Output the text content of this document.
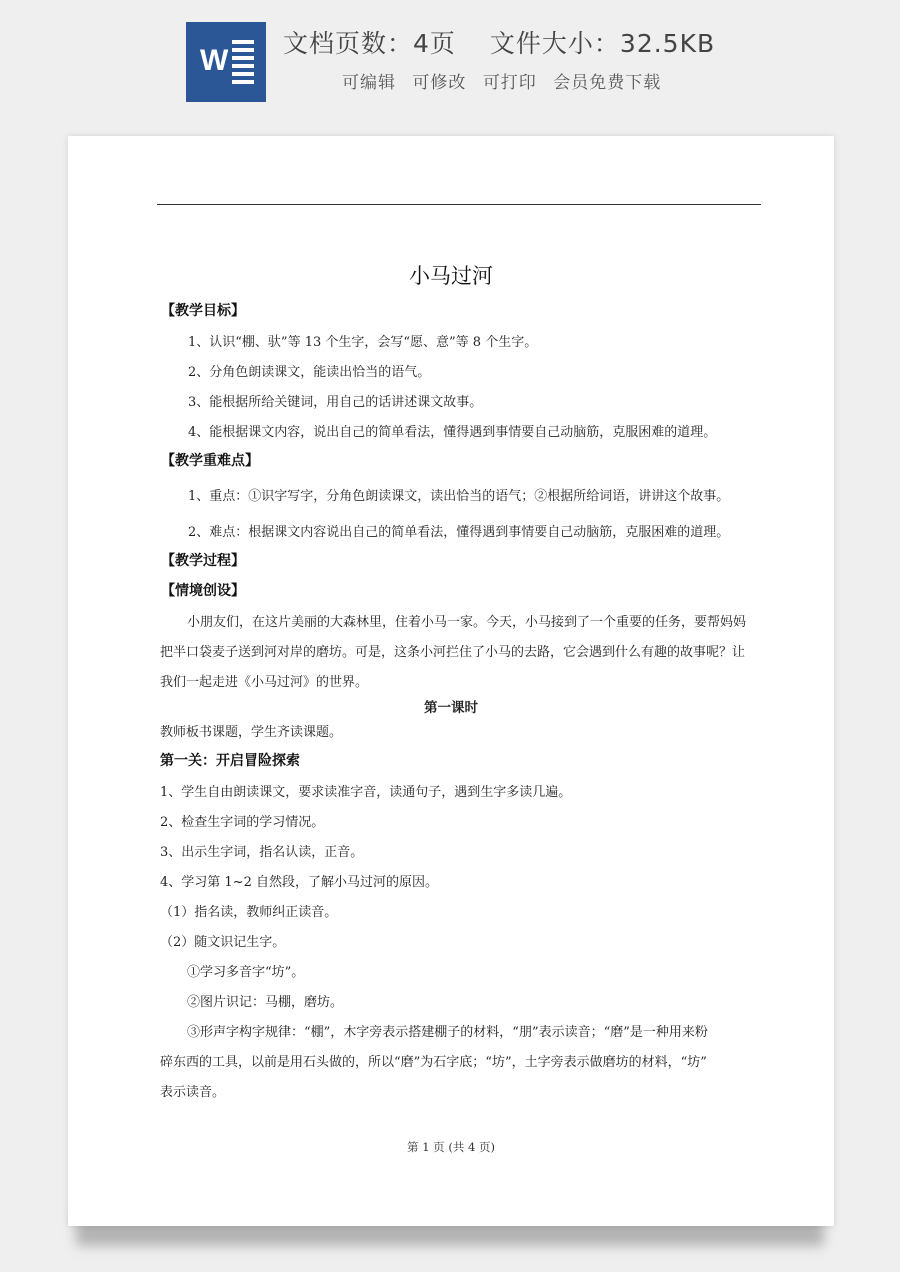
W
文档页数：4页 文件大小：32.5KB
可编辑 可修改 可打印 会员免费下载
小马过河
【教学目标】
1、认识“棚、驮”等 13 个生字，会写“愿、意”等 8 个生字。
2、分角色朗读课文，能读出恰当的语气。
3、能根据所给关键词，用自己的话讲述课文故事。
4、能根据课文内容，说出自己的简单看法，懂得遇到事情要自己动脑筋，克服困难的道理。
【教学重难点】
1、重点：①识字写字，分角色朗读课文，读出恰当的语气；②根据所给词语，讲讲这个故事。
2、难点：根据课文内容说出自己的简单看法，懂得遇到事情要自己动脑筋，克服困难的道理。
【教学过程】
【情境创设】
小朋友们，在这片美丽的大森林里，住着小马一家。今天，小马接到了一个重要的任务，要帮妈妈
把半口袋麦子送到河对岸的磨坊。可是，这条小河拦住了小马的去路，它会遇到什么有趣的故事呢？让
我们一起走进《小马过河》的世界。
第一课时
教师板书课题，学生齐读课题。
第一关：开启冒险探索
1、学生自由朗读课文，要求读准字音，读通句子，遇到生字多读几遍。
2、检查生字词的学习情况。
3、出示生字词，指名认读，正音。
4、学习第 1~2 自然段，了解小马过河的原因。
（1）指名读，教师纠正读音。
（2）随文识记生字。
①学习多音字“坊”。
②图片识记：马棚，磨坊。
③形声字构字规律：“棚”，木字旁表示搭建棚子的材料，“朋”表示读音；“磨”是一种用来粉
碎东西的工具，以前是用石头做的，所以“磨”为石字底；“坊”，土字旁表示做磨坊的材料，“坊”
表示读音。
第 1 页 (共 4 页)
